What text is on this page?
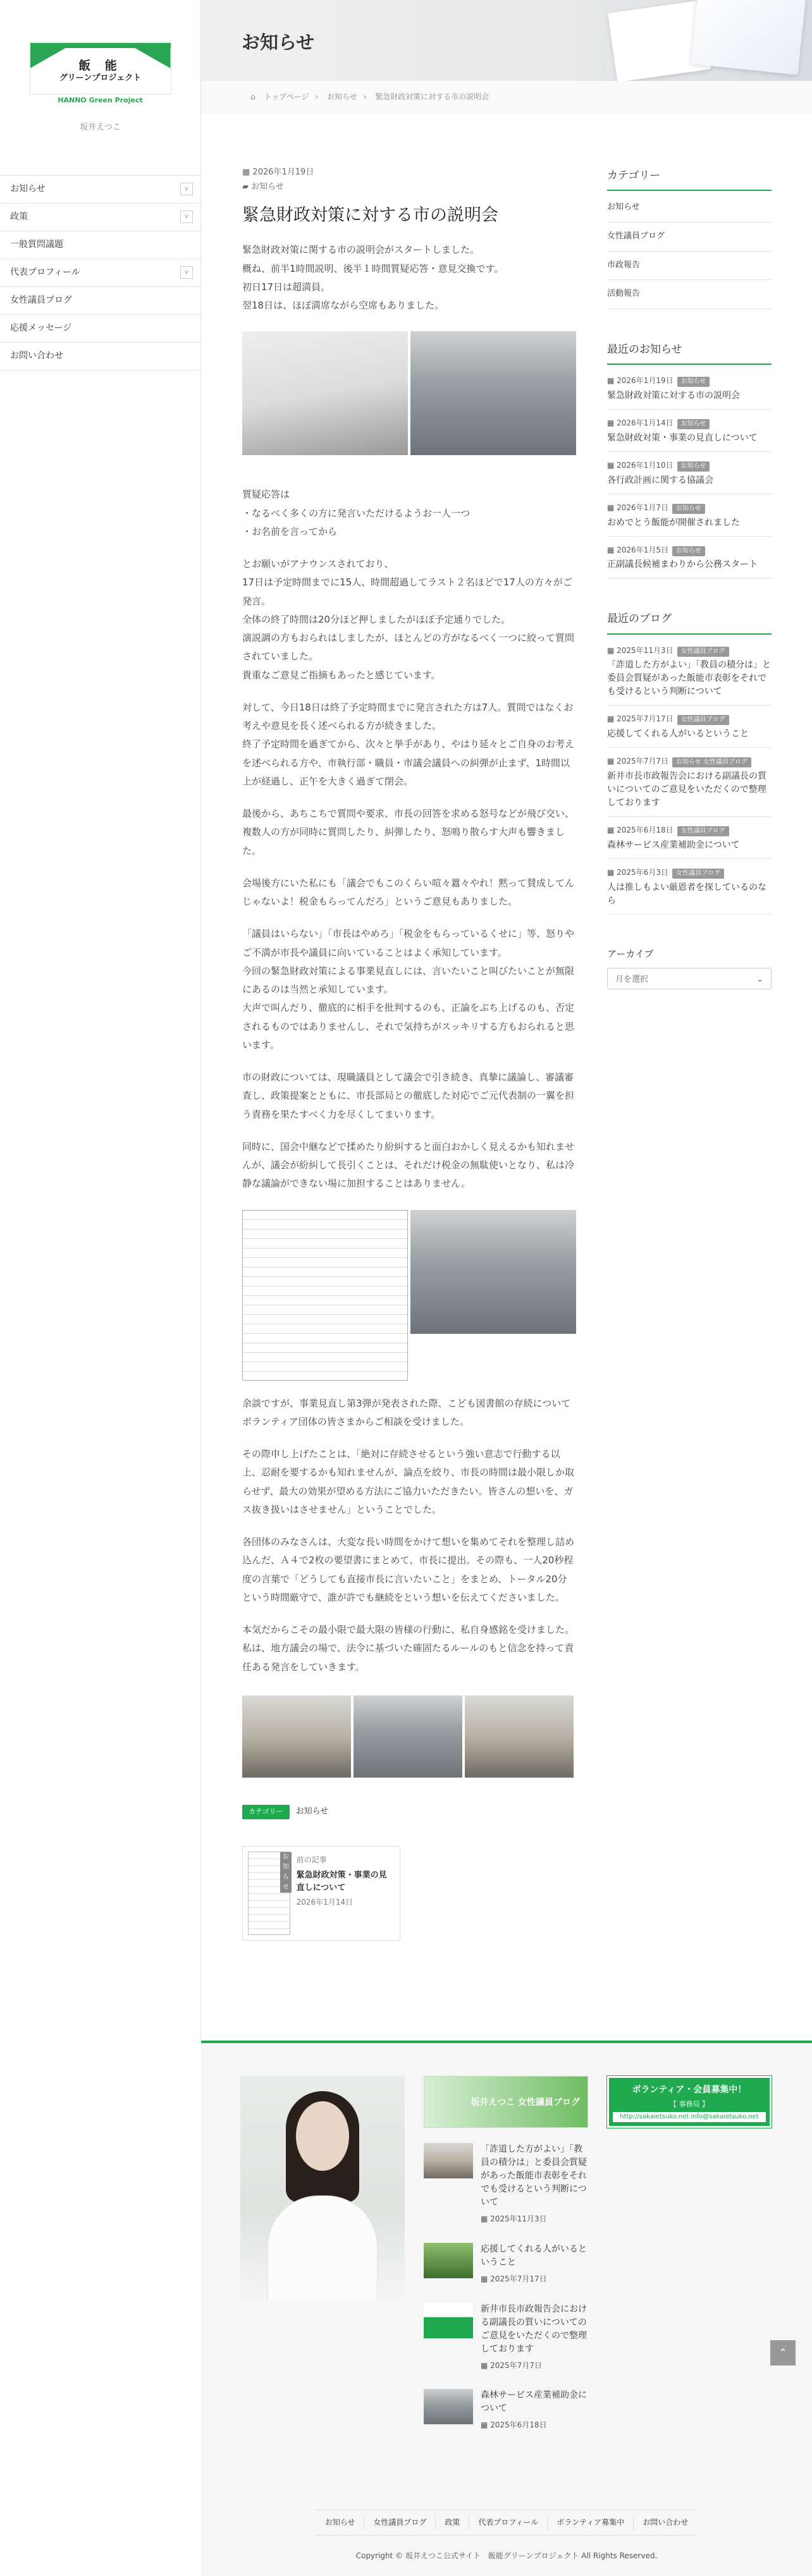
飯 能
グリーンプロジェクト
HANNO Green Project
坂井えつこ
お知らせ	v
政策	v
一般質問議題
代表プロフィール	v
女性議員ブログ
応援メッセージ
お問い合わせ
お知らせ
⌂ トップページ › お知らせ › 緊急財政対策に対する市の説明会
▦ 2026年1月19日
▰ お知らせ
緊急財政対策に対する市の説明会

緊急財政対策に関する市の説明会がスタートしました。
概ね、前半1時間説明、後半１時間質疑応答・意見交換です。
初日17日は超満員。
翌18日は、ほぼ満席ながら空席もありました。

質疑応答は
・なるべく多くの方に発言いただけるようお一人一つ
・お名前を言ってから

とお願いがアナウンスされており、
17日は予定時間までに15人、時間超過してラスト２名ほどで17人の方々がご発言。
全体の終了時間は20分ほど押しましたがほぼ予定通りでした。
演説調の方もおられはしましたが、ほとんどの方がなるべく一つに絞って質問されていました。
貴重なご意見ご指摘もあったと感じています。

対して、今日18日は終了予定時間までに発言された方は7人。質問ではなくお考えや意見を長く述べられる方が続きました。
終了予定時間を過ぎてから、次々と挙手があり、やはり延々とご自身のお考えを述べられる方や、市執行部・職員・市議会議員への糾弾が止まず、1時間以上が経過し、正午を大きく過ぎて閉会。

最後から、あちこちで質問や要求、市長の回答を求める怒号などが飛び交い、複数人の方が同時に質問したり、糾弾したり、怒鳴り散らす大声も響きました。

会場後方にいた私にも「議会でもこのくらい喧々囂々やれ！黙って賛成してんじゃないよ！税金もらってんだろ」というご意見もありました。

「議員はいらない」「市長はやめろ」「税金をもらっているくせに」等、怒りやご不満が市長や議員に向いていることはよく承知しています。
今回の緊急財政対策による事業見直しには、言いたいこと叫びたいことが無限にあるのは当然と承知しています。
大声で叫んだり、徹底的に相手を批判するのも、正論をぶち上げるのも、否定されるものではありませんし、それで気持ちがスッキリする方もおられると思います。

市の財政については、現職議員として議会で引き続き、真摯に議論し、審議審査し、政策提案とともに、市長部局との徹底した対応でご元代表制の一翼を担う責務を果たすべく力を尽くしてまいります。

同時に、国会中継などで揉めたり紛糾すると面白おかしく見えるかも知れませんが、議会が紛糾して長引くことは、それだけ税金の無駄使いとなり、私は冷静な議論ができない場に加担することはありません。

余談ですが、事業見直し第3弾が発表された際、こども図書館の存続についてボランティア団体の皆さまからご相談を受けました。

その際申し上げたことは、「絶対に存続させるという強い意志で行動する以上、忍耐を要するかも知れませんが、論点を絞り、市長の時間は最小限しか取らせず、最大の効果が望める方法にご協力いただきたい。皆さんの想いを、ガス抜き扱いはさせません」ということでした。

各団体のみなさんは、大変な長い時間をかけて想いを集めてそれを整理し詰め込んだ、Ａ４で2枚の要望書にまとめて、市長に提出。その際も、一人20秒程度の言葉で「どうしても直接市長に言いたいこと」をまとめ、トータル20分という時間厳守で、誰が許でも継続をという想いを伝えてくださいました。

本気だからこその最小限で最大限の皆様の行動に、私自身感銘を受けました。
私は、地方議会の場で、法令に基づいた確固たるルールのもと信念を持って責任ある発言をしていきます。

カテゴリー お知らせ
お知らせ
前の記事
緊急財政対策・事業の見直しについて
2026年1月14日
カテゴリー
お知らせ
女性議員ブログ
市政報告
活動報告
最近のお知らせ
▦ 2026年1月19日 お知らせ
緊急財政対策に対する市の説明会
▦ 2026年1月14日 お知らせ
緊急財政対策・事業の見直しについて
▦ 2026年1月10日 お知らせ
各行政計画に関する協議会
▦ 2026年1月7日 お知らせ
おめでとう飯能が開催されました
▦ 2026年1月5日 お知らせ
正副議長候補まわりから公務スタート
最近のブログ
▦ 2025年11月3日 女性議員ブログ
「詐道した方がよい」「教員の積分は」と委員会質疑があった飯能市表彰をそれでも受けるという判断について
▦ 2025年7月17日 女性議員ブログ
応援してくれる人がいるということ
▦ 2025年7月7日 お知らせ 女性議員ブログ
新井市長市政報告会における副議長の質いについてのご意見をいただくので整理しております
▦ 2025年6月18日 女性議員ブログ
森林サービス産業補助金について
▦ 2025年6月3日 女性議員ブログ
人は推しもよい厳恩者を探しているのなら
アーカイブ
月を選択	⌄
坂井えつこ 女性議員ブログ
ボランティア・会員募集中！
【 事務局 】
http://sakaietsuko.net info@sakaietsuko.net
「詐道した方がよい」「教員の積分は」と委員会質疑があった飯能市表彰をそれでも受けるという判断について
▦ 2025年11月3日
応援してくれる人がいるということ
▦ 2025年7月17日
新井市長市政報告会における副議長の質いについてのご意見をいただくので整理しております
▦ 2025年7月7日
森林サービス産業補助金について
▦ 2025年6月18日
⌃
お知らせ	女性議員ブログ	政策	代表プロフィール	ボランティア募集中	お問い合わせ
Copyright © 坂井えつこ公式サイト　飯能グリーンプロジェクト All Rights Reserved.
